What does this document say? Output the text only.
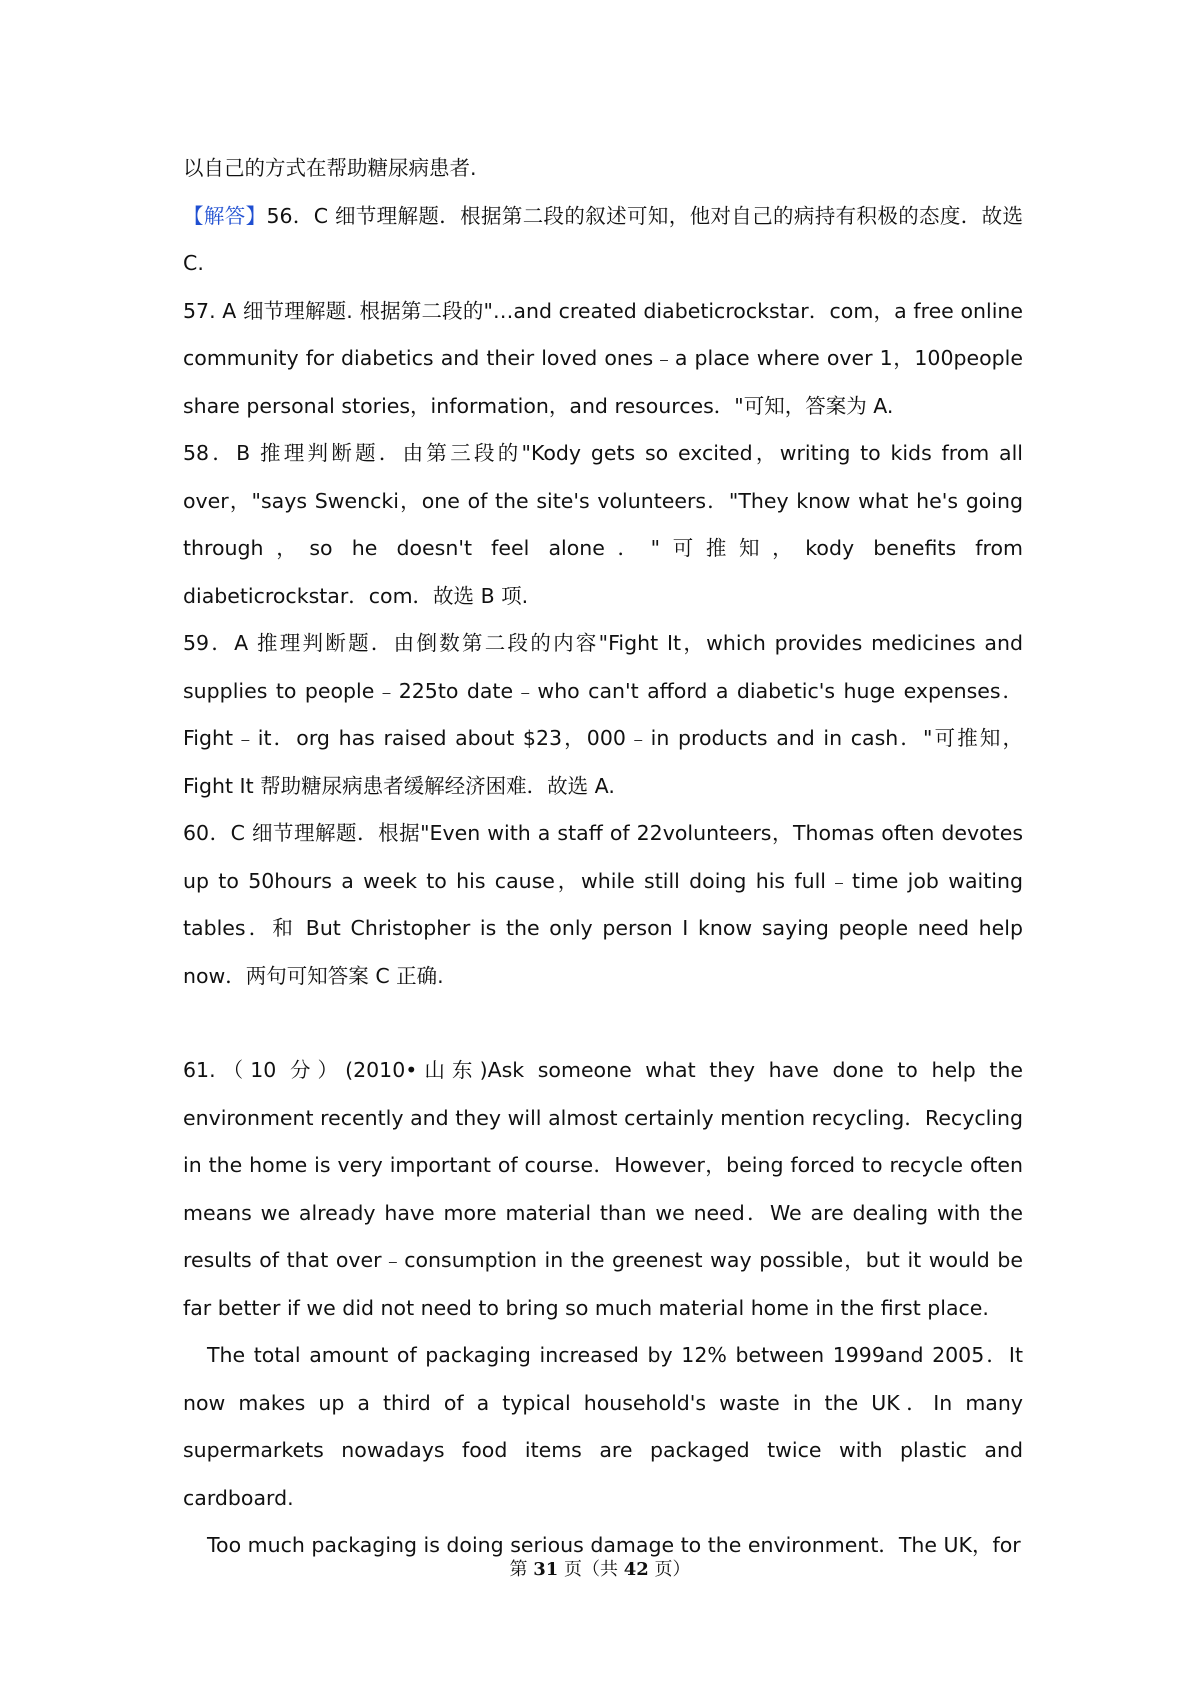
以自己的方式在帮助糖尿病患者.

【解答】56．C 细节理解题．根据第二段的叙述可知，他对自己的病持有积极的态度．故选 C.

57. A 细节理解题. 根据第二段的"…and created diabeticrockstar．com，a free online community for diabetics and their loved ones﹣a place where over 1，100people share personal stories，information，and resources．"可知，答案为 A.

58．B 推理判断题．由第三段的"Kody gets so excited，writing to kids from all over，"says Swencki，one of the site's volunteers．"They know what he's going through，so he doesn't feel alone．"可推知，kody benefits from diabeticrockstar．com．故选 B 项.

59．A 推理判断题．由倒数第二段的内容"Fight It，which provides medicines and supplies to people﹣225to date﹣who can't afford a diabetic's huge expenses．Fight﹣it．org has raised about $23，000﹣in products and in cash．"可推知，Fight It 帮助糖尿病患者缓解经济困难．故选 A.

60．C 细节理解题．根据"Even with a staff of 22volunteers，Thomas often devotes up to 50hours a week to his cause，while still doing his full﹣time job waiting tables．和 But Christopher is the only person I know saying people need help now．两句可知答案 C 正确.

61.（10 分）(2010•山东)Ask someone what they have done to help the environment recently and they will almost certainly mention recycling．Recycling in the home is very important of course．However，being forced to recycle often means we already have more material than we need．We are dealing with the results of that over﹣consumption in the greenest way possible，but it would be far better if we did not need to bring so much material home in the first place.

The total amount of packaging increased by 12% between 1999and 2005．It now makes up a third of a typical household's waste in the UK．In many supermarkets nowadays food items are packaged twice with plastic and cardboard.

Too much packaging is doing serious damage to the environment．The UK，for

第 31 页（共 42 页）
